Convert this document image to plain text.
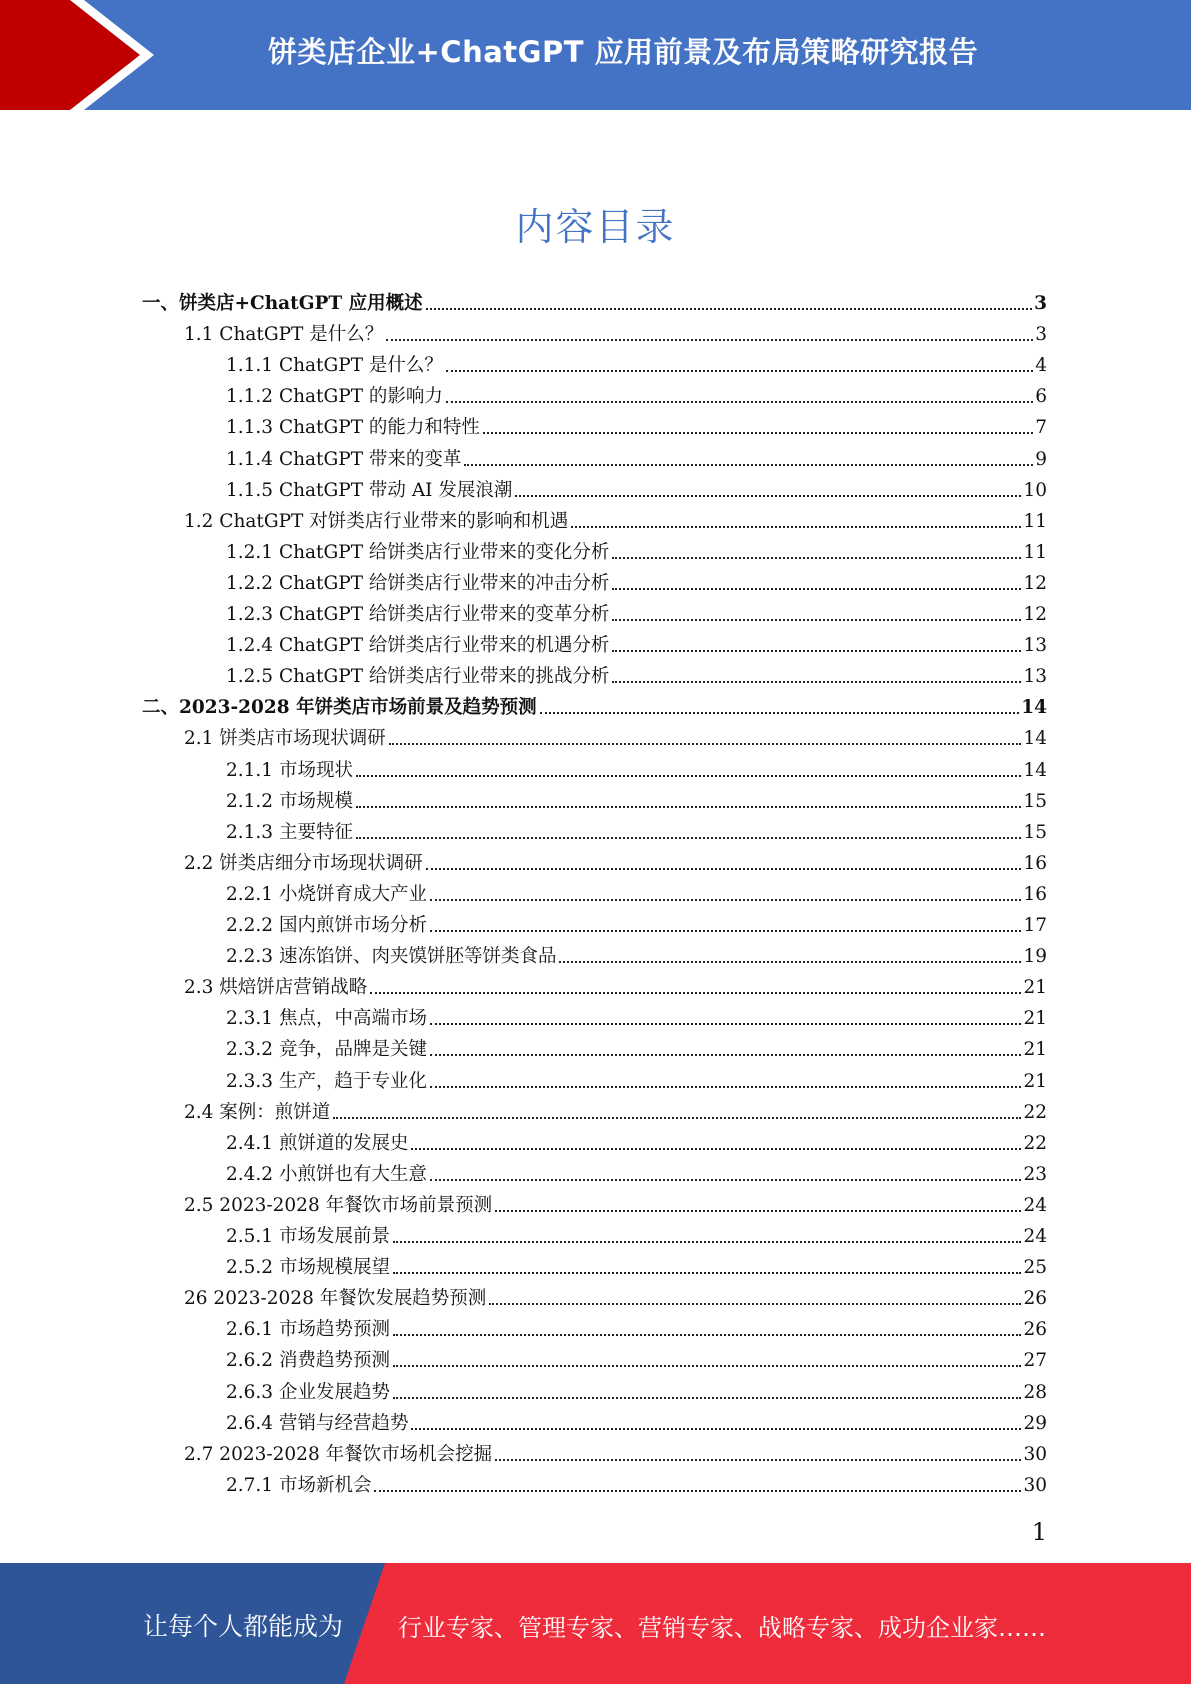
饼类店企业+ChatGPT 应用前景及布局策略研究报告
内容目录
一、饼类店+ChatGPT 应用概述	3
1.1 ChatGPT 是什么？	3
1.1.1 ChatGPT 是什么？	4
1.1.2 ChatGPT 的影响力	6
1.1.3 ChatGPT 的能力和特性	7
1.1.4 ChatGPT 带来的变革	9
1.1.5 ChatGPT 带动 AI 发展浪潮	10
1.2 ChatGPT 对饼类店行业带来的影响和机遇	11
1.2.1 ChatGPT 给饼类店行业带来的变化分析	11
1.2.2 ChatGPT 给饼类店行业带来的冲击分析	12
1.2.3 ChatGPT 给饼类店行业带来的变革分析	12
1.2.4 ChatGPT 给饼类店行业带来的机遇分析	13
1.2.5 ChatGPT 给饼类店行业带来的挑战分析	13
二、2023-2028 年饼类店市场前景及趋势预测	14
2.1 饼类店市场现状调研	14
2.1.1 市场现状	14
2.1.2 市场规模	15
2.1.3 主要特征	15
2.2 饼类店细分市场现状调研	16
2.2.1 小烧饼育成大产业	16
2.2.2 国内煎饼市场分析	17
2.2.3 速冻馅饼、肉夹馍饼胚等饼类食品	19
2.3 烘焙饼店营销战略	21
2.3.1 焦点，中高端市场	21
2.3.2 竞争，品牌是关键	21
2.3.3 生产，趋于专业化	21
2.4 案例：煎饼道	22
2.4.1 煎饼道的发展史	22
2.4.2 小煎饼也有大生意	23
2.5 2023-2028 年餐饮市场前景预测	24
2.5.1 市场发展前景	24
2.5.2 市场规模展望	25
26 2023-2028 年餐饮发展趋势预测	26
2.6.1 市场趋势预测	26
2.6.2 消费趋势预测	27
2.6.3 企业发展趋势	28
2.6.4 营销与经营趋势	29
2.7 2023-2028 年餐饮市场机会挖掘	30
2.7.1 市场新机会	30
1
让每个人都能成为 行业专家、管理专家、营销专家、战略专家、成功企业家……
